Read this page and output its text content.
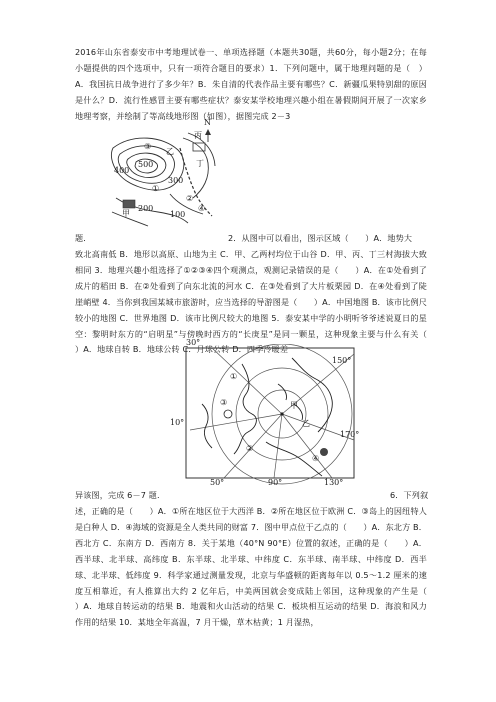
2016年山东省泰安市中考地理试卷一、单项选择题（本题共30题，共60分，每小题2分；在每小题提供的四个选项中，只有一项符合题目的要求）1．下列问题中，属于地理问题的是（　）A．我国抗日战争进行了多少年？B．朱自清的代表作品主要有哪些？C．新疆瓜果特别甜的原因是什么？D．流行性感冒主要有哪些症状？泰安某学校地理兴趣小组在暑假期间开展了一次家乡地理考察，并绘制了等高线地形图（如图），据图完成 2－3
500
400
300
200
100
甲
乙
丙
丁
①
②
③
④
N
题．	2．从图中可以看出，图示区域（　　）A．地势大
致北高南低 B．地形以高原、山地为主 C．甲、乙两村均位于山谷 D．甲、丙、丁三村海拔大致相同 3．地理兴趣小组选择了①②③④四个观测点，观测记录错误的是（　　）A．在①处看到了成片的稻田 B．在②处看到了向东北流的河水 C．在③处看到了大片板栗园 D．在④处看到了陡崖峭壁 4．当你到我国某城市旅游时，应当选择的导游图是（　　）A．中国地图 B．该市比例尺较小的地图 C．世界地图 D．该市比例尺较大的地图 5．泰安某中学的小明听爷爷述说夏日的星空：黎明时东方的“启明星”与傍晚时西方的“长庚星”是同一颗星，这种现象主要与什么有关（　　）A．地球自转 B．地球公转 C．月球公转 D．四季冷暖差
30°
150°
10°
170°
50°	90°	130°
①
②
③
④
甲
乙
异该图，完成 6－7 题.	6．下列叙
述，正确的是（　　）A．①所在地区位于大西洋 B．②所在地区位于欧洲 C．③岛上的因纽特人是白种人 D．④海域的资源是全人类共同的财富 7．图中甲点位于乙点的（　　）A．东北方 B．西北方 C．东南方 D．西南方 8．关于某地（40°N 90°E）位置的叙述，正确的是（　　）A．西半球、北半球、高纬度 B．东半球、北半球、中纬度 C．东半球、南半球、中纬度 D．西半球、北半球、低纬度 9．科学家通过测量发现，北京与华盛顿的距离每年以 0.5～1.2 厘米的速度互相靠近，有人推算出大约 2 亿年后，中美两国就会变成陆上邻国，这种现象的产生是（　　）A．地球自转运动的结果 B．地震和火山活动的结果 C．板块相互运动的结果 D．海浪和风力作用的结果 10．某地全年高温，7 月干燥，草木枯黄；1 月湿热，
